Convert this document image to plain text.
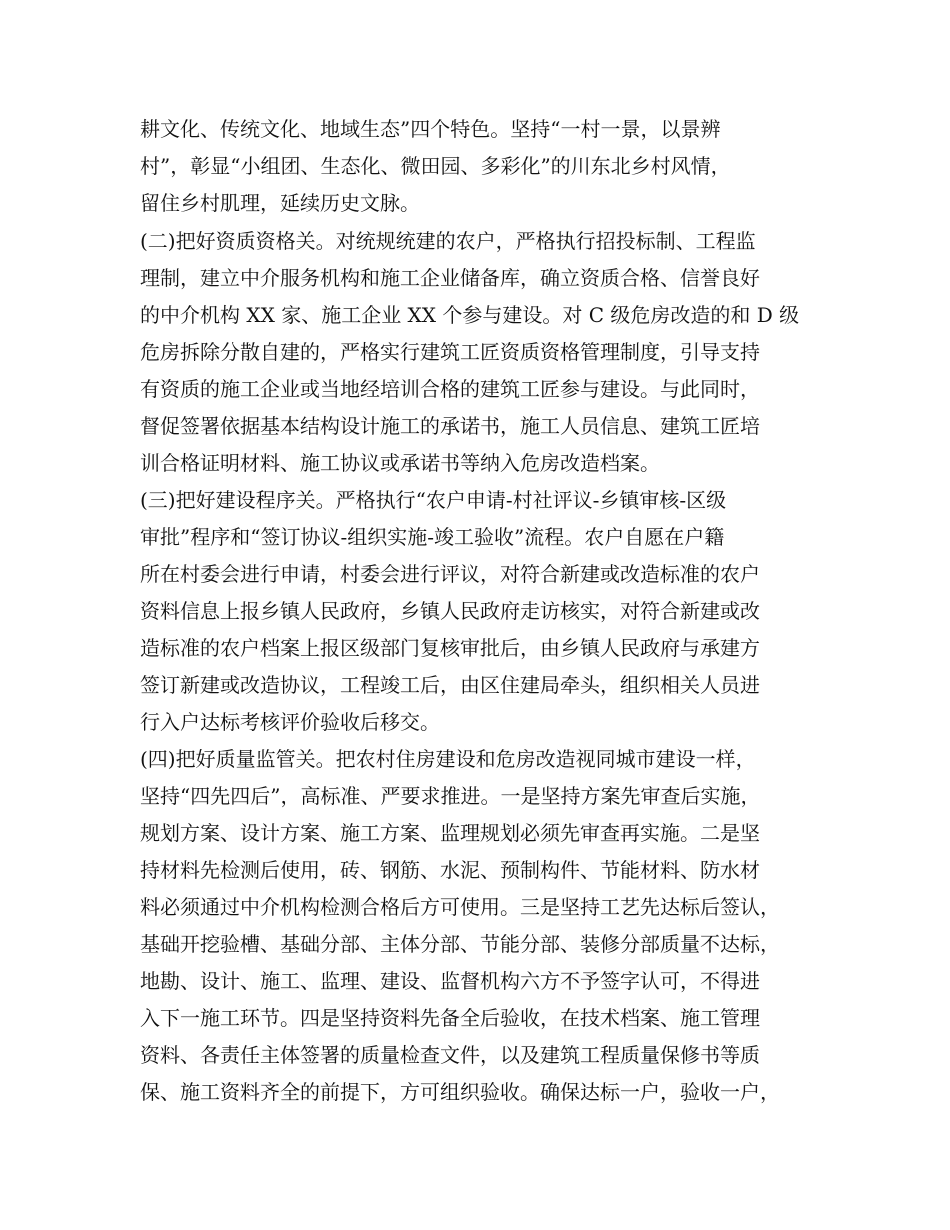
耕文化、传统文化、地域生态”四个特色。坚持“一村一景，以景辨
村”，彰显“小组团、生态化、微田园、多彩化”的川东北乡村风情，
留住乡村肌理，延续历史文脉。
(二)把好资质资格关。对统规统建的农户，严格执行招投标制、工程监
理制，建立中介服务机构和施工企业储备库，确立资质合格、信誉良好
的中介机构 XX 家、施工企业 XX 个参与建设。对 C 级危房改造的和 D 级
危房拆除分散自建的，严格实行建筑工匠资质资格管理制度，引导支持
有资质的施工企业或当地经培训合格的建筑工匠参与建设。与此同时，
督促签署依据基本结构设计施工的承诺书，施工人员信息、建筑工匠培
训合格证明材料、施工协议或承诺书等纳入危房改造档案。
(三)把好建设程序关。严格执行“农户申请-村社评议-乡镇审核-区级
审批”程序和“签订协议-组织实施-竣工验收”流程。农户自愿在户籍
所在村委会进行申请，村委会进行评议，对符合新建或改造标准的农户
资料信息上报乡镇人民政府，乡镇人民政府走访核实，对符合新建或改
造标准的农户档案上报区级部门复核审批后，由乡镇人民政府与承建方
签订新建或改造协议，工程竣工后，由区住建局牵头，组织相关人员进
行入户达标考核评价验收后移交。
(四)把好质量监管关。把农村住房建设和危房改造视同城市建设一样，
坚持“四先四后”，高标准、严要求推进。一是坚持方案先审查后实施，
规划方案、设计方案、施工方案、监理规划必须先审查再实施。二是坚
持材料先检测后使用，砖、钢筋、水泥、预制构件、节能材料、防水材
料必须通过中介机构检测合格后方可使用。三是坚持工艺先达标后签认，
基础开挖验槽、基础分部、主体分部、节能分部、装修分部质量不达标，
地勘、设计、施工、监理、建设、监督机构六方不予签字认可，不得进
入下一施工环节。四是坚持资料先备全后验收，在技术档案、施工管理
资料、各责任主体签署的质量检查文件，以及建筑工程质量保修书等质
保、施工资料齐全的前提下，方可组织验收。确保达标一户，验收一户，
